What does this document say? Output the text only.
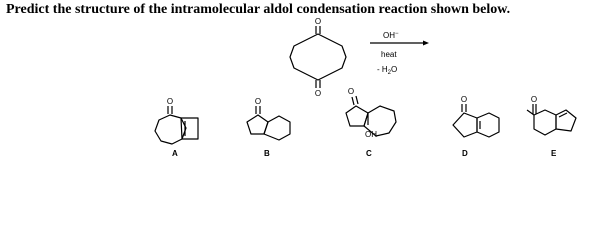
Predict the structure of the intramolecular aldol condensation reaction shown below.
O
O
OH−
heat
- $H_2O$
O	O
O
OH
O	O
A	B	C	D	E
